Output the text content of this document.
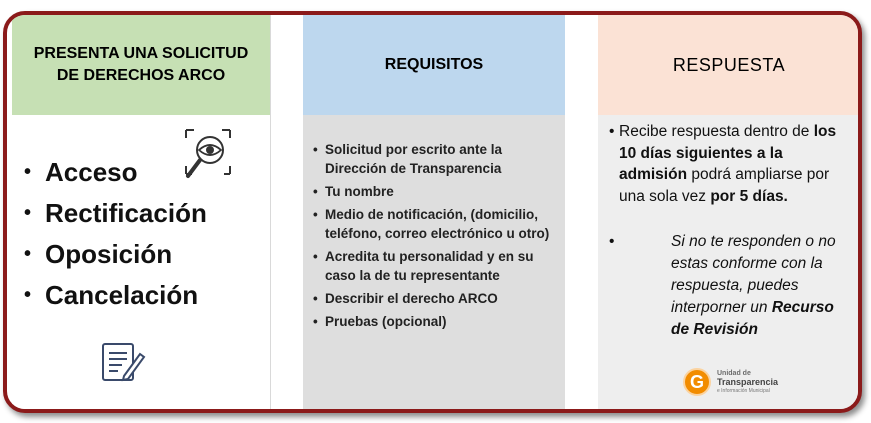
PRESENTA UNA SOLICITUD DE DERECHOS ARCO
• Acceso
• Rectificación
• Oposición
• Cancelación
REQUISITOS
• Solicitud por escrito ante la Dirección de Transparencia
• Tu nombre
• Medio de notificación, (domicilio, teléfono, correo electrónico u otro)
• Acredita tu personalidad y en su caso la de tu representante
• Describir el derecho ARCO
• Pruebas (opcional)
RESPUESTA
• Recibe respuesta dentro de los 10 días siguientes a la admisión podrá ampliarse por una sola vez por 5 días.
•	Si no te responden o no estas conforme con la respuesta, puedes interporner un Recurso de Revisión
G	Unidad de
Transparencia
e Información Municipal
